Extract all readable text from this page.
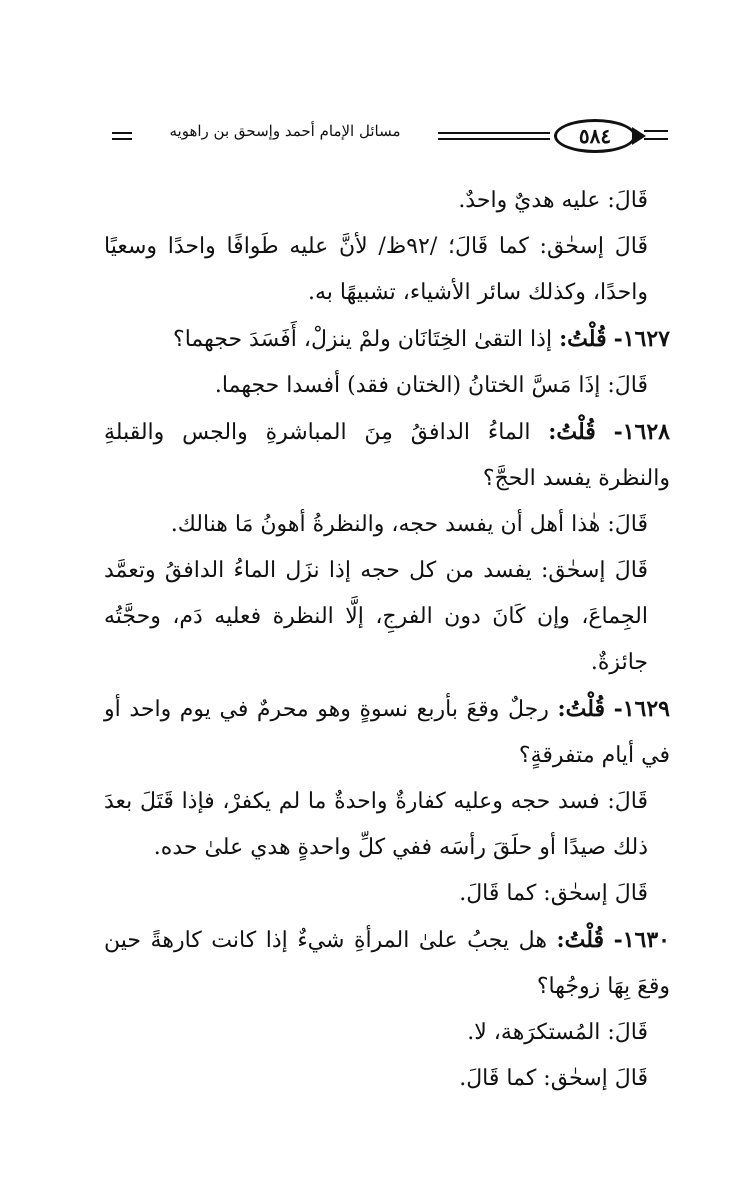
٥٨٤
مسائل الإمام أحمد وإسحق بن راهويه

قَالَ: عليه هديٌ واحدٌ.

قَالَ إسحٰق: كما قَالَ؛ /٩٢ظ/ لأنَّ عليه طَوافًا واحدًا وسعيًا واحدًا، وكذلك سائر الأشياء، تشبيهًا به.

١٦٢٧- قُلْتُ: إذا التقىٰ الخِتَانَان ولمْ ينزلْ، أَفَسَدَ حجهما؟

قَالَ: إذَا مَسَّ الختانُ (الختان فقد) أفسدا حجهما.

١٦٢٨- قُلْتُ: الماءُ الدافقُ مِنَ المباشرةِ والجس والقبلةِ والنظرة يفسد الحجَّ؟

قَالَ: هٰذا أهل أن يفسد حجه، والنظرةُ أهونُ مَا هنالك.

قَالَ إسحٰق: يفسد من كل حجه إذا نزَل الماءُ الدافقُ وتعمَّد الجِماعَ، وإن كَانَ دون الفرجِ، إلَّا النظرة فعليه دَم، وحجَّتُه جائزةٌ.

١٦٢٩- قُلْتُ: رجلٌ وقعَ بأربع نسوةٍ وهو محرمٌ في يوم واحد أو في أيام متفرقةٍ؟

قَالَ: فسد حجه وعليه كفارةٌ واحدةٌ ما لم يكفرْ، فإذا قَتَلَ بعدَ ذلك صيدًا أو حلَقَ رأسَه ففي كلِّ واحدةٍ هدي علىٰ حده.

قَالَ إسحٰق: كما قَالَ.

١٦٣٠- قُلْتُ: هل يجبُ علىٰ المرأةِ شيءٌ إذا كانت كارهةً حين وقعَ بِهَا زوجُها؟

قَالَ: المُستكرَهة، لا.

قَالَ إسحٰق: كما قَالَ.
